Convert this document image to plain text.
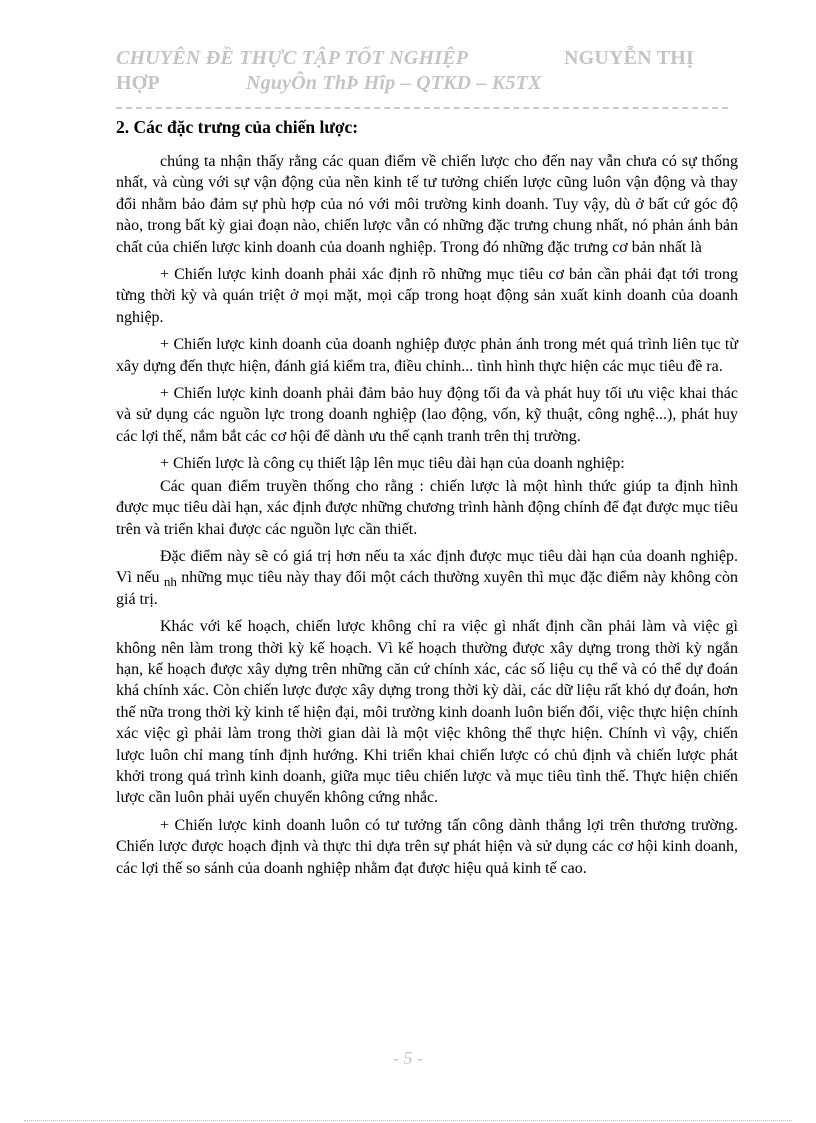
CHUYÊN ĐỀ THỰC TẬP TỐT NGHIỆP	NGUYỄN THỊ
HỢP	NguyÔn ThÞ Hîp – QTKD – K5TX
2. Các đặc trưng của chiến lược:

chúng ta nhận thấy rằng các quan điểm về chiến lược cho đến nay vẫn chưa có sự thống nhất, và cùng với sự vận động của nền kinh tế tư tưởng chiến lược cũng luôn vận động và thay đổi nhằm bảo đảm sự phù hợp của nó với môi trường kinh doanh. Tuy vậy, dù ở bất cứ góc độ nào, trong bất kỳ giai đoạn nào, chiến lược vẫn có những đặc trưng chung nhất, nó phản ánh bản chất của chiến lược kinh doanh của doanh nghiệp. Trong đó những đặc trưng cơ bản nhất là

+ Chiến lược kinh doanh phải xác định rõ những mục tiêu cơ bản cần phải đạt tới trong từng thời kỳ và quán triệt ở mọi mặt, mọi cấp trong hoạt động sản xuất kinh doanh của doanh nghiệp.

+ Chiến lược kinh doanh của doanh nghiệp được phản ánh trong mét quá trình liên tục từ xây dựng đến thực hiện, đánh giá kiểm tra, điều chỉnh... tình hình thực hiện các mục tiêu đề ra.

+ Chiến lược kinh doanh phải đảm bảo huy động tối đa và phát huy tối ưu việc khai thác và sử dụng các nguồn lực trong doanh nghiệp (lao động, vốn, kỹ thuật, công nghệ...), phát huy các lợi thế, nắm bắt các cơ hội để dành ưu thế cạnh tranh trên thị trường.

+ Chiến lược là công cụ thiết lập lên mục tiêu dài hạn của doanh nghiệp:

Các quan điểm truyền thống cho rằng : chiến lược là một hình thức giúp ta định hình được mục tiêu dài hạn, xác định được những chương trình hành động chính để đạt được mục tiêu trên và triển khai được các nguồn lực cần thiết.

Đặc điểm này sẽ có giá trị hơn nếu ta xác định được mục tiêu dài hạn của doanh nghiệp. Vì nếu $_{nh}$ những mục tiêu này thay đổi một cách thường xuyên thì mục đặc điểm này không còn giá trị.

Khác với kế hoạch, chiến lược không chỉ ra việc gì nhất định cần phải làm và việc gì không nên làm trong thời kỳ kế hoạch. Vì kế hoạch thường được xây dựng trong thời kỳ ngắn hạn, kế hoạch được xây dựng trên những căn cứ chính xác, các số liệu cụ thể và có thể dự đoán khá chính xác. Còn chiến lược được xây dựng trong thời kỳ dài, các dữ liệu rất khó dự đoán, hơn thế nữa trong thời kỳ kinh tế hiện đại, môi trường kinh doanh luôn biến đổi, việc thực hiện chính xác việc gì phải làm trong thời gian dài là một việc không thể thực hiện. Chính vì vậy, chiến lược luôn chỉ mang tính định hướng. Khi triển khai chiến lược có chủ định và chiến lược phát khởi trong quá trình kinh doanh, giữa mục tiêu chiến lược và mục tiêu tình thế. Thực hiện chiến lược cần luôn phải uyển chuyển không cứng nhắc.

+ Chiến lược kinh doanh luôn có tư tưởng tấn công dành thắng lợi trên thương trường. Chiến lược được hoạch định và thực thi dựa trên sự phát hiện và sử dụng các cơ hội kinh doanh, các lợi thế so sánh của doanh nghiệp nhằm đạt được hiệu quả kinh tế cao.

- 5 -
